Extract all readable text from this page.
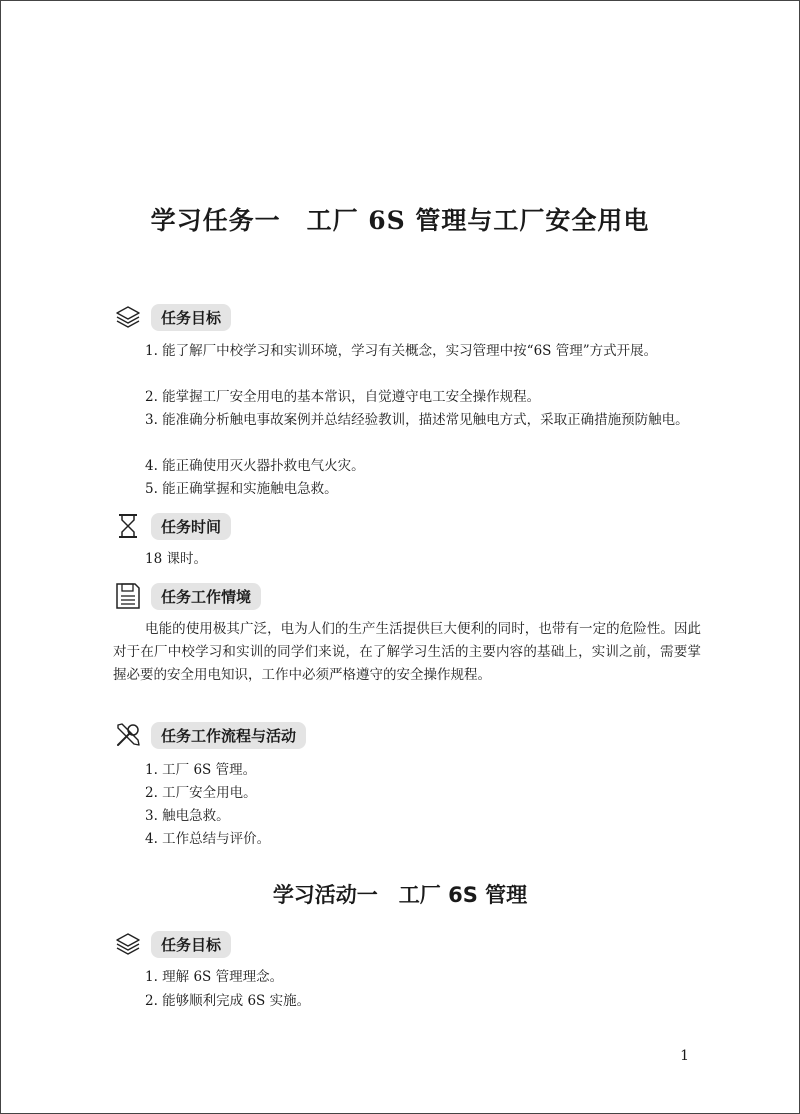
学习任务一　工厂 6S 管理与工厂安全用电
任务目标
1. 能了解厂中校学习和实训环境，学习有关概念，实习管理中按“6S 管理”方式开展。
2. 能掌握工厂安全用电的基本常识，自觉遵守电工安全操作规程。
3. 能准确分析触电事故案例并总结经验教训，描述常见触电方式，采取正确措施预防触电。
4. 能正确使用灭火器扑救电气火灾。
5. 能正确掌握和实施触电急救。
任务时间
18 课时。
任务工作情境
电能的使用极其广泛，电为人们的生产生活提供巨大便利的同时，也带有一定的危险性。因此对于在厂中校学习和实训的同学们来说，在了解学习生活的主要内容的基础上，实训之前，需要掌握必要的安全用电知识，工作中必须严格遵守的安全操作规程。
任务工作流程与活动
1. 工厂 6S 管理。
2. 工厂安全用电。
3. 触电急救。
4. 工作总结与评价。
学习活动一　工厂 6S 管理
任务目标
1. 理解 6S 管理理念。
2. 能够顺利完成 6S 实施。
1
